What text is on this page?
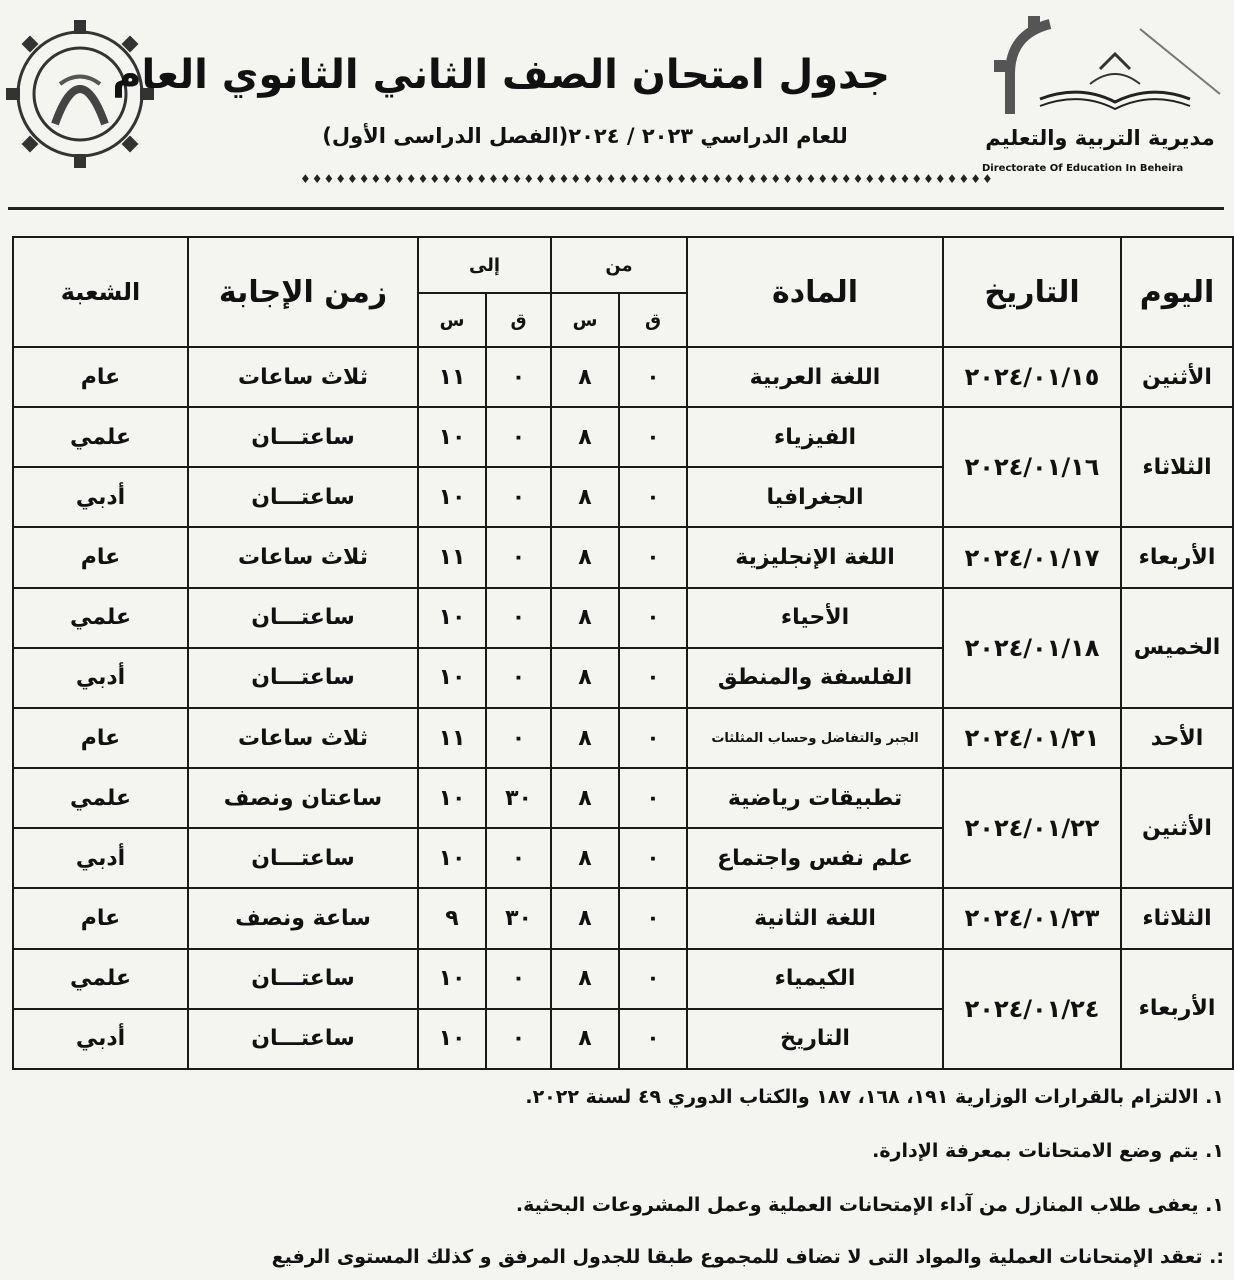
جدول امتحان الصف الثاني الثانوي العام
للعام الدراسي ٢٠٢٣ / ٢٠٢٤(الفصل الدراسى الأول)
♦♦♦♦♦♦♦♦♦♦♦♦♦♦♦♦♦♦♦♦♦♦♦♦♦♦♦♦♦♦♦♦♦♦♦♦♦♦♦♦♦♦♦♦♦♦♦♦♦♦♦♦♦♦♦♦♦♦♦
مديرية التربية والتعليم
Directorate Of Education In Beheira
اليوم	التاريخ	المادة	من		إلى		زمن الإجابة	الشعبة
			ق	س	ق	س		
الأثنين	٢٠٢٤/٠١/١٥	اللغة العربية	٠	٨	٠	١١	ثلاث ساعات	عام
الثلاثاء	٢٠٢٤/٠١/١٦	الفيزياء	٠	٨	٠	١٠	ساعتـــان	علمي
		الجغرافيا	٠	٨	٠	١٠	ساعتـــان	أدبي
الأربعاء	٢٠٢٤/٠١/١٧	اللغة الإنجليزية	٠	٨	٠	١١	ثلاث ساعات	عام
الخميس	٢٠٢٤/٠١/١٨	الأحياء	٠	٨	٠	١٠	ساعتـــان	علمي
		الفلسفة والمنطق	٠	٨	٠	١٠	ساعتـــان	أدبي
الأحد	٢٠٢٤/٠١/٢١	الجبر والتفاضل وحساب المثلثات	٠	٨	٠	١١	ثلاث ساعات	عام
الأثنين	٢٠٢٤/٠١/٢٢	تطبيقات رياضية	٠	٨	٣٠	١٠	ساعتان ونصف	علمي
		علم نفس واجتماع	٠	٨	٠	١٠	ساعتـــان	أدبي
الثلاثاء	٢٠٢٤/٠١/٢٣	اللغة الثانية	٠	٨	٣٠	٩	ساعة ونصف	عام
الأربعاء	٢٠٢٤/٠١/٢٤	الكيمياء	٠	٨	٠	١٠	ساعتـــان	علمي
		التاريخ	٠	٨	٠	١٠	ساعتـــان	أدبي
١. الالتزام بالقرارات الوزارية ١٩١، ١٦٨، ١٨٧ والكتاب الدوري ٤٩ لسنة ٢٠٢٢.
١. يتم وضع الامتحانات بمعرفة الإدارة.
١. يعفى طلاب المنازل من آداء الإمتحانات العملية وعمل المشروعات البحثية.
:. تعقد الإمتحانات العملية والمواد التى لا تضاف للمجموع طبقا للجدول المرفق و كذلك المستوى الرفيع
